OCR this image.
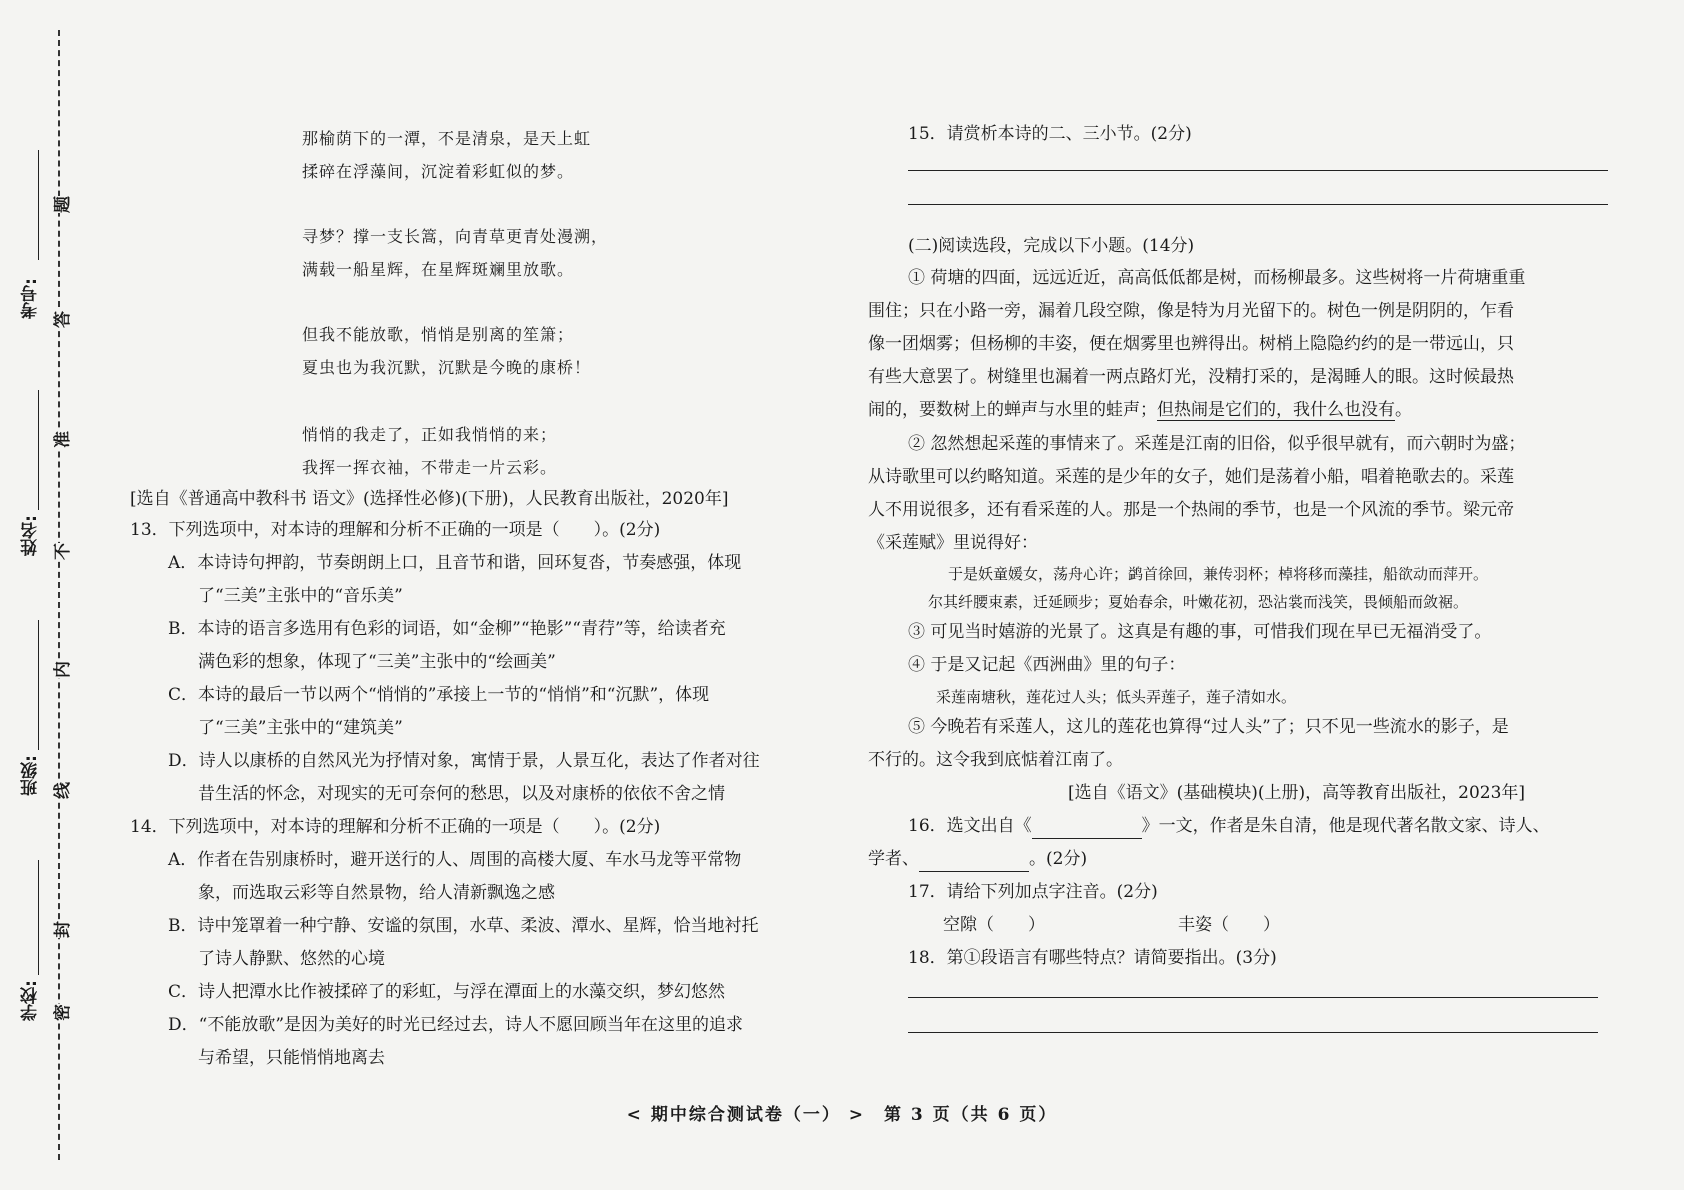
考号:
姓名:
班级:
学校:
题
答
准
不
内
线
封
密
那榆荫下的一潭，不是清泉，是天上虹
揉碎在浮藻间，沉淀着彩虹似的梦。
寻梦？撑一支长篙，向青草更青处漫溯，
满载一船星辉，在星辉斑斓里放歌。
但我不能放歌，悄悄是别离的笙箫；
夏虫也为我沉默，沉默是今晚的康桥！
悄悄的我走了，正如我悄悄的来；
我挥一挥衣袖，不带走一片云彩。
[选自《普通高中教科书 语文》(选择性必修)(下册)，人民教育出版社，2020年]
13．下列选项中，对本诗的理解和分析不正确的一项是（　　）。(2分)
A．本诗诗句押韵，节奏朗朗上口，且音节和谐，回环复沓，节奏感强，体现
了“三美”主张中的“音乐美”
B．本诗的语言多选用有色彩的词语，如“金柳”“艳影”“青荇”等，给读者充
满色彩的想象，体现了“三美”主张中的“绘画美”
C．本诗的最后一节以两个“悄悄的”承接上一节的“悄悄”和“沉默”，体现
了“三美”主张中的“建筑美”
D．诗人以康桥的自然风光为抒情对象，寓情于景，人景互化，表达了作者对往
昔生活的怀念，对现实的无可奈何的愁思，以及对康桥的依依不舍之情
14．下列选项中，对本诗的理解和分析不正确的一项是（　　）。(2分)
A．作者在告别康桥时，避开送行的人、周围的高楼大厦、车水马龙等平常物
象，而选取云彩等自然景物，给人清新飘逸之感
B．诗中笼罩着一种宁静、安谧的氛围，水草、柔波、潭水、星辉，恰当地衬托
了诗人静默、悠然的心境
C．诗人把潭水比作被揉碎了的彩虹，与浮在潭面上的水藻交织，梦幻悠然
D．“不能放歌”是因为美好的时光已经过去，诗人不愿回顾当年在这里的追求
与希望，只能悄悄地离去
15．请赏析本诗的二、三小节。(2分)
(二)阅读选段，完成以下小题。(14分)
① 荷塘的四面，远远近近，高高低低都是树，而杨柳最多。这些树将一片荷塘重重
围住；只在小路一旁，漏着几段空隙，像是特为月光留下的。树色一例是阴阴的，乍看
像一团烟雾；但杨柳的丰姿，便在烟雾里也辨得出。树梢上隐隐约约的是一带远山，只
有些大意罢了。树缝里也漏着一两点路灯光，没精打采的，是渴睡人的眼。这时候最热
闹的，要数树上的蝉声与水里的蛙声；但热闹是它们的，我什么也没有。
② 忽然想起采莲的事情来了。采莲是江南的旧俗，似乎很早就有，而六朝时为盛；
从诗歌里可以约略知道。采莲的是少年的女子，她们是荡着小船，唱着艳歌去的。采莲
人不用说很多，还有看采莲的人。那是一个热闹的季节，也是一个风流的季节。梁元帝
《采莲赋》里说得好：
于是妖童媛女，荡舟心许；鹢首徐回，兼传羽杯；棹将移而藻挂，船欲动而萍开。
尔其纤腰束素，迁延顾步；夏始春余，叶嫩花初，恐沾裳而浅笑，畏倾船而敛裾。
③ 可见当时嬉游的光景了。这真是有趣的事，可惜我们现在早已无福消受了。
④ 于是又记起《西洲曲》里的句子：
采莲南塘秋，莲花过人头；低头弄莲子，莲子清如水。
⑤ 今晚若有采莲人，这儿的莲花也算得“过人头”了；只不见一些流水的影子，是
不行的。这令我到底惦着江南了。
[选自《语文》(基础模块)(上册)，高等教育出版社，2023年]
16．选文出自《	》一文，作者是朱自清，他是现代著名散文家、诗人、
学者、	。(2分)
17．请给下列加点字注音。(2分)
空隙（　　）	丰姿（　　）
18．第①段语言有哪些特点？请简要指出。(3分)
< 期中综合测试卷（一） >　第 3 页（共 6 页）
